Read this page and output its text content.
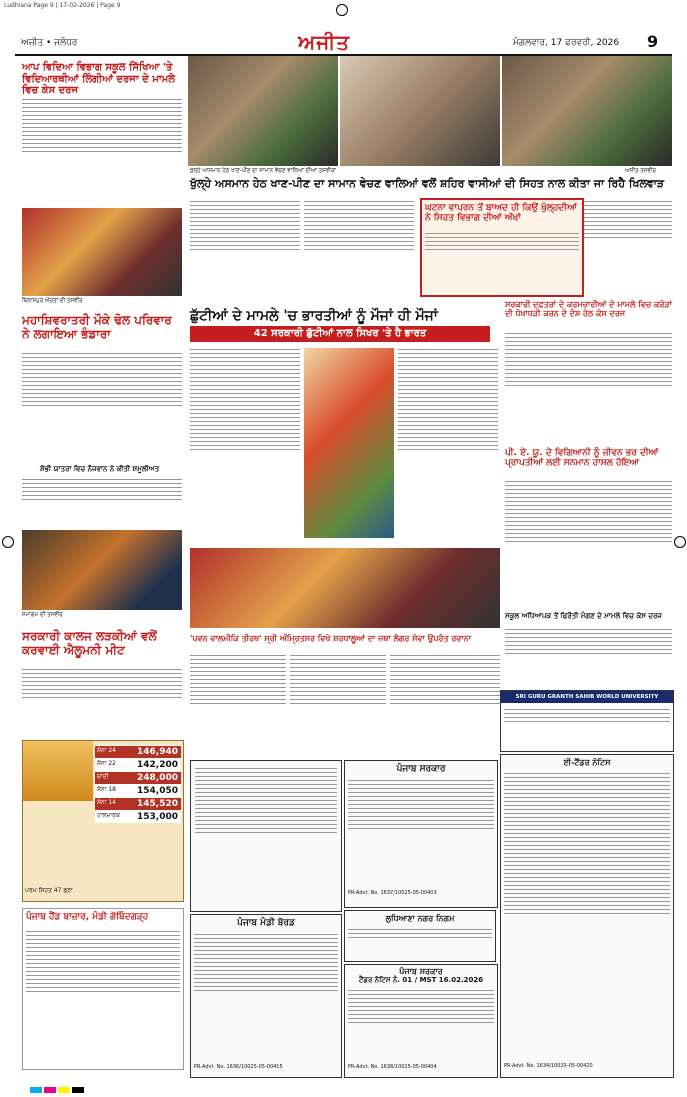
Ludhiana Page 9 | 17-02-2026 | Page 9
ਅਜੀਤ • ਜਲੰਧਰ	ਅਜੀਤ	ਮੰਗਲਵਾਰ, 17 ਫਰਵਰੀ, 2026 9
ਆਪ ਵਿਦਿਆ ਵਿਭਾਗ ਸਕੂਲ ਸਿੱਖਿਆ 'ਤੇ ਵਿਦਿਆਰਥੀਆਂ ਲਿੰਗੀਆਂ ਦਰਜਾ ਦੇ ਮਾਮਲੇ ਵਿਚ ਕੇਸ ਦਰਜ
ਬਿਲਾਸਪੁਰ ਔਰਤਾਂ ਦੀ ਤਸਵੀਰ
ਮਹਾਸ਼ਿਵਰਾਤਰੀ ਮੌਕੇ ਢੋਲ ਪਰਿਵਾਰ ਨੇ ਲਗਾਇਆ ਭੰਡਾਰਾ
ਸ਼ੋਭੀ ਯਾਤਰਾ ਵਿਚ ਨੌਜਵਾਨ ਨੇ ਕੀਤੀ ਸ਼ਮੂਲੀਅਤ
ਸਮਾਗਮ ਦੀ ਤਸਵੀਰ
ਸਰਕਾਰੀ ਕਾਲਜ ਲੜਕੀਆਂ ਵਲੋਂ ਕਰਵਾਈ ਐਲੂਮਨੀ ਮੀਟ
ਸੋਨਾ 24	146,940
ਸੋਨਾ 22	142,200
ਚਾਂਦੀ	248,000
ਸੋਨਾ 18	154,050
ਸੋਨਾ 14	145,520
ਹਾਲਮਾਰਕ	153,000
ਪਰਮ ਸਿਹਤ 47 ਡ੍ਰਾ
ਪੰਜਾਬ ਹੈਂਡ ਬਾਜ਼ਾਰ, ਮੰਡੀ ਗੋਬਿੰਦਗੜ੍ਹ
ਖੁੱਲ੍ਹੇ ਆਸਮਾਨ ਹੇਠ ਖਾਣ-ਪੀਣ ਦਾ ਸਾਮਾਨ ਵੇਚਣ ਵਾਲਿਆਂ ਦੀਆਂ ਤਸਵੀਰਾਂ	ਅਜੀਤ ਤਸਵੀਰ
ਖੁੱਲ੍ਹੇ ਅਸਮਾਨ ਹੇਠ ਖਾਣ-ਪੀਣ ਦਾ ਸਾਮਾਨ ਵੇਚਣ ਵਾਲਿਆਂ ਵਲੋਂ ਸ਼ਹਿਰ ਵਾਸੀਆਂ ਦੀ ਸਿਹਤ ਨਾਲ ਕੀਤਾ ਜਾ ਰਿਹੈ ਖਿਲਵਾੜ
ਘਟਨਾ ਵਾਪਰਨ ਤੋਂ ਬਾਅਦ ਹੀ ਕਿਉਂ ਖੁੱਲ੍ਹਦੀਆਂ ਨੇ ਸਿਹਤ ਵਿਭਾਗ ਦੀਆਂ ਅੱਖਾਂ
ਛੁੱਟੀਆਂ ਦੇ ਮਾਮਲੇ 'ਚ ਭਾਰਤੀਆਂ ਨੂੰ ਮੌਜਾਂ ਹੀ ਮੌਜਾਂ
42 ਸਰਕਾਰੀ ਛੁੱਟੀਆਂ ਨਾਲ ਸਿਖਰ 'ਤੇ ਹੈ ਭਾਰਤ
ਸਰਕਾਰੀ ਦਫ਼ਤਰਾਂ ਦੇ ਕਰਮਚਾਰੀਆਂ ਦੇ ਮਾਮਲੇ ਵਿਚ ਕਰੋੜਾਂ ਦੀ ਧੋਖਾਧੜੀ ਕਰਨ ਦੇ ਦੋਸ਼ ਹੇਠ ਕੇਸ ਦਰਜ
ਪੀ. ਏ. ਯੂ. ਦੇ ਵਿਗਿਆਨੀ ਨੂੰ ਜੀਵਨ ਭਰ ਦੀਆਂ ਪ੍ਰਾਪਤੀਆਂ ਲਈ ਸਨਮਾਨ ਹਾਸਲ ਹੋਇਆ
ਸਕੂਲ ਅਧਿਆਪਕ ਤੋਂ ਫਿਰੌਤੀ ਮੰਗਣ ਦੇ ਮਾਮਲੇ ਵਿਚ ਕੇਸ ਦਰਜ
'ਪਵਨ ਵਾਲਮੀਕਿ ਤੀਰਥ' ਸ੍ਰੀ ਅੰਮ੍ਰਿਤਸਰ ਵਿਖੇ ਸ਼ਰਧਾਲੂਆਂ ਦਾ ਜਥਾ ਲੰਗਰ ਸੇਵਾ ਉਪਰੰਤ ਰਵਾਨਾ
ਲੁਧਿਆਣਾ ਨਗਰ ਨਿਗਮ
ਪੰਜਾਬ ਸਰਕਾਰ
PR-Advt. No. 1637/10025-05-00403
ਪੰਜਾਬ ਸਰਕਾਰ
ਟੈਂਡਰ ਨੋਟਿਸ ਨੰ. 01 / MST 16.02.2026
PR-Advt. No. 1638/10025-05-00404
ਪੰਜਾਬ ਮੰਡੀ ਬੋਰਡ
PR-Advt. No. 1636/10025-05-00415
SRI GURU GRANTH SAHIB WORLD UNIVERSITY
ਈ-ਟੈਂਡਰ ਨੋਟਿਸ
PR-Advt. No. 1634/10025-05-00420
